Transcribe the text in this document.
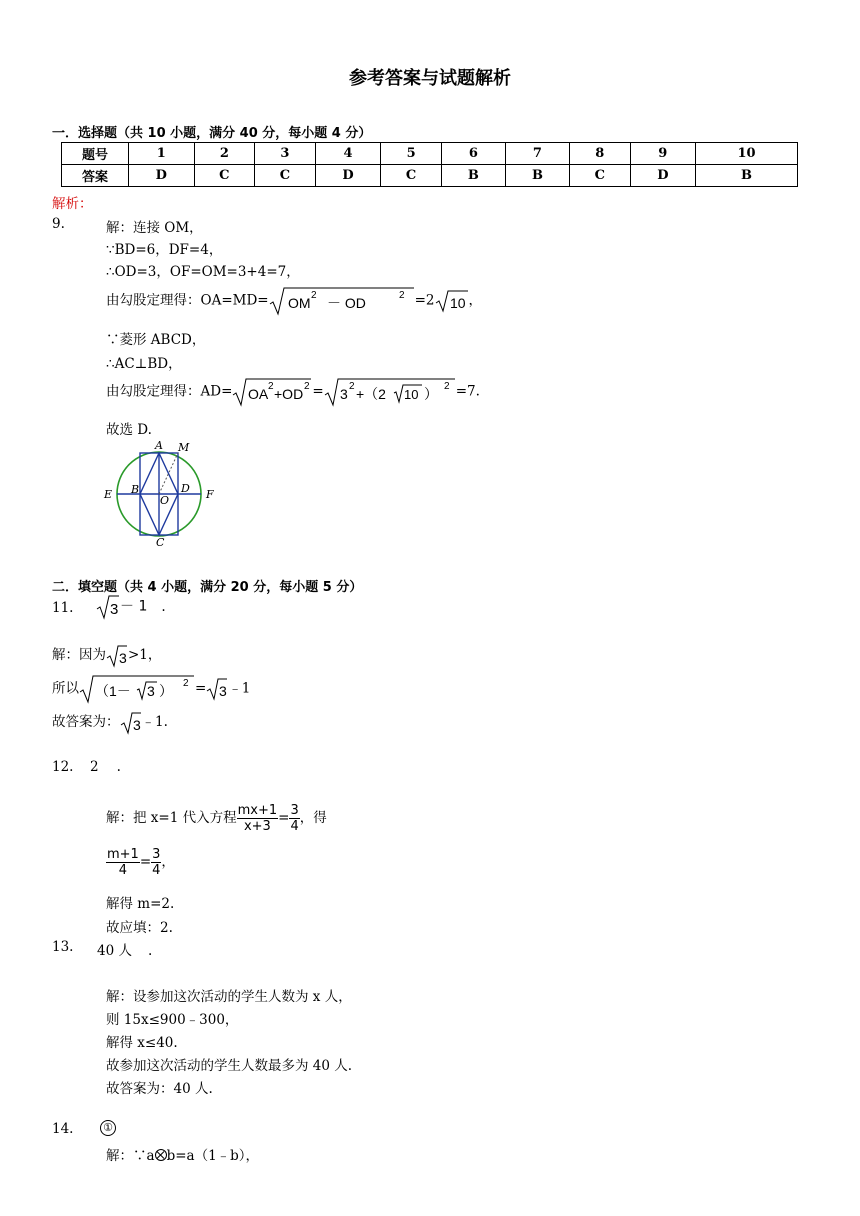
参考答案与试题解析
一．选择题（共 10 小题，满分 40 分，每小题 4 分）
题号	1	2	3	4	5	6	7	8	9	10
答案	D	C	C	D	C	B	B	C	D	B
解析：
9.	解：连接 OM，
∵BD=6，DF=4，
∴OD=3，OF=OM=3+4=7，
由勾股定理得：OA=MD= OM 2 － OD	2 =2 10 ，
∵菱形 ABCD，
∴AC⊥BD，
由勾股定理得：AD= OA 2 +OD 2 = 3 2 +（2 10 ） 2 =7.
故选 D.
A M
E B	D
O	F
C
二．填空题（共 4 小题，满分 20 分，每小题 5 分）
11. 3 － 1 .
解：因为 3 >1，
所以 （1－ 3 ） 2 = 3 ﹣1
故答案为： 3 ﹣1.
12. 2 .
解：把 x=1 代入方程 $\frac{mx+1}{x+3} = \frac{3}{4}$ ，得
$\frac{m+1}{4} = \frac{3}{4}$ ，
解得 m=2.
故应填：2.
13. 40 人 .
解：设参加这次活动的学生人数为 x 人，
则 15x≤900﹣300，
解得 x≤40.
故参加这次活动的学生人数最多为 40 人.
故答案为：40 人.
14.	①
解：∵a b=a（1﹣b），
